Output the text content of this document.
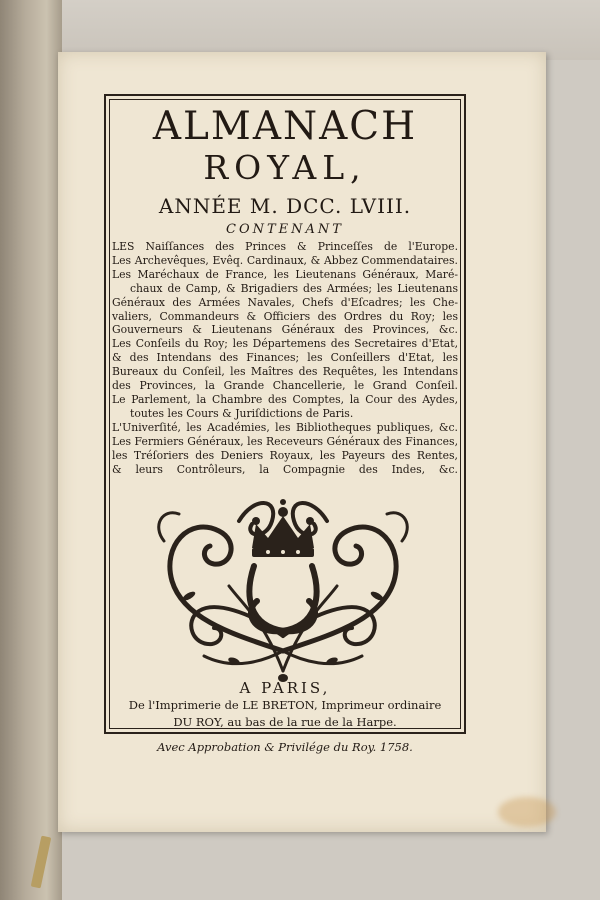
ALMANACH
ROYAL,
ANNÉE M. DCC. LVIII.
CONTENANT
LES Naiſſances des Princes & Princeſſes de l'Europe.
Les Archevêques, Evêq. Cardinaux, & Abbez Commendataires.
Les Maréchaux de France, les Lieutenans Généraux, Maré-
chaux de Camp, & Brigadiers des Armées; les Lieutenans
Généraux des Armées Navales, Chefs d'Eſcadres; les Che-
valiers, Commandeurs & Officiers des Ordres du Roy; les
Gouverneurs & Lieutenans Généraux des Provinces, &c.
Les Conſeils du Roy; les Départemens des Secretaires d'Etat,
& des Intendans des Finances; les Conſeillers d'Etat, les
Bureaux du Conſeil, les Maîtres des Requêtes, les Intendans
des Provinces, la Grande Chancellerie, le Grand Conſeil.
Le Parlement, la Chambre des Comptes, la Cour des Aydes,
toutes les Cours & Juriſdictions de Paris.
L'Univerſité, les Académies, les Bibliotheques publiques, &c.
Les Fermiers Généraux, les Receveurs Généraux des Finances,
les Tréſoriers des Deniers Royaux, les Payeurs des Rentes,
& leurs Contrôleurs, la Compagnie des Indes, &c.
A PARIS,
De l'Imprimerie de LE BRETON, Imprimeur ordinaire
DU ROY, au bas de la rue de la Harpe.
Avec Approbation & Privilége du Roy. 1758.
